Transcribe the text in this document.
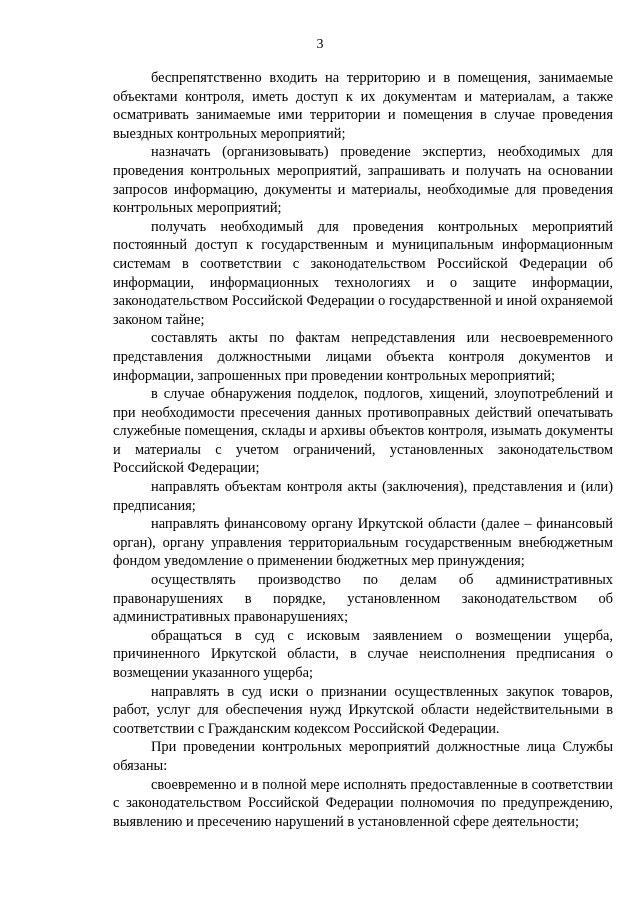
3

беспрепятственно входить на территорию и в помещения, занимаемые объектами контроля, иметь доступ к их документам и материалам, а также осматривать занимаемые ими территории и помещения в случае проведения выездных контрольных мероприятий;

назначать (организовывать) проведение экспертиз, необходимых для проведения контрольных мероприятий, запрашивать и получать на основании запросов информацию, документы и материалы, необходимые для проведения контрольных мероприятий;

получать необходимый для проведения контрольных мероприятий постоянный доступ к государственным и муниципальным информационным системам в соответствии с законодательством Российской Федерации об информации, информационных технологиях и о защите информации, законодательством Российской Федерации о государственной и иной охраняемой законом тайне;

составлять акты по фактам непредставления или несвоевременного представления должностными лицами объекта контроля документов и информации, запрошенных при проведении контрольных мероприятий;

в случае обнаружения подделок, подлогов, хищений, злоупотреблений и при необходимости пресечения данных противоправных действий опечатывать служебные помещения, склады и архивы объектов контроля, изымать документы и материалы с учетом ограничений, установленных законодательством Российской Федерации;

направлять объектам контроля акты (заключения), представления и (или) предписания;

направлять финансовому органу Иркутской области (далее – финансовый орган), органу управления территориальным государственным внебюджетным фондом уведомление о применении бюджетных мер принуждения;

осуществлять производство по делам об административных правонарушениях в порядке, установленном законодательством об административных правонарушениях;

обращаться в суд с исковым заявлением о возмещении ущерба, причиненного Иркутской области, в случае неисполнения предписания о возмещении указанного ущерба;

направлять в суд иски о признании осуществленных закупок товаров, работ, услуг для обеспечения нужд Иркутской области недействительными в соответствии с Гражданским кодексом Российской Федерации.

При проведении контрольных мероприятий должностные лица Службы обязаны:

своевременно и в полной мере исполнять предоставленные в соответствии с законодательством Российской Федерации полномочия по предупреждению, выявлению и пресечению нарушений в установленной сфере деятельности;
